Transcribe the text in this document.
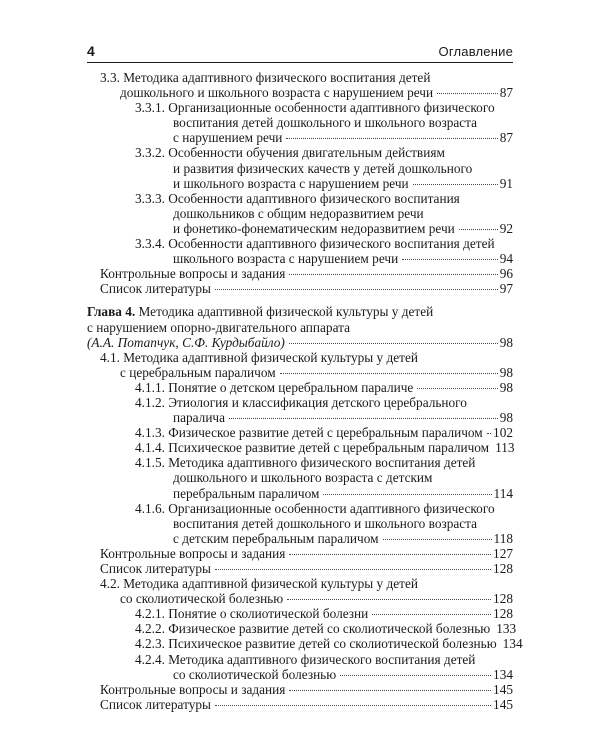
4	Оглавление
3.3. Методика адаптивного физического воспитания детей
дошкольного и школьного возраста с нарушением речи	87
3.3.1. Организационные особенности адаптивного физического
воспитания детей дошкольного и школьного возраста
с нарушением речи	87
3.3.2. Особенности обучения двигательным действиям
и развития физических качеств у детей дошкольного
и школьного возраста с нарушением речи	91
3.3.3. Особенности адаптивного физического воспитания
дошкольников с общим недоразвитием речи
и фонетико-фонематическим недоразвитием речи	92
3.3.4. Особенности адаптивного физического воспитания детей
школьного возраста с нарушением речи	94
Контрольные вопросы и задания	96
Список литературы	97
Глава 4. Методика адаптивной физической культуры у детей
с нарушением опорно-двигательного аппарата
(А.А. Потапчук, С.Ф. Курдыбайло)	98
4.1. Методика адаптивной физической культуры у детей
с церебральным параличом	98
4.1.1. Понятие о детском церебральном параличе	98
4.1.2. Этиология и классификация детского церебрального
паралича	98
4.1.3. Физическое развитие детей с церебральным параличом 102
4.1.4. Психическое развитие детей с церебральным параличом 113
4.1.5. Методика адаптивного физического воспитания детей
дошкольного и школьного возраста с детским
перебральным параличом	114
4.1.6. Организационные особенности адаптивного физического
воспитания детей дошкольного и школьного возраста
с детским перебральным параличом	118
Контрольные вопросы и задания	127
Список литературы	128
4.2. Методика адаптивной физической культуры у детей
со сколиотической болезнью	128
4.2.1. Понятие о сколиотической болезни	128
4.2.2. Физическое развитие детей со сколиотической болезнью 133
4.2.3. Психическое развитие детей со сколиотической болезнью 134
4.2.4. Методика адаптивного физического воспитания детей
со сколиотической болезнью	134
Контрольные вопросы и задания	145
Список литературы	145
